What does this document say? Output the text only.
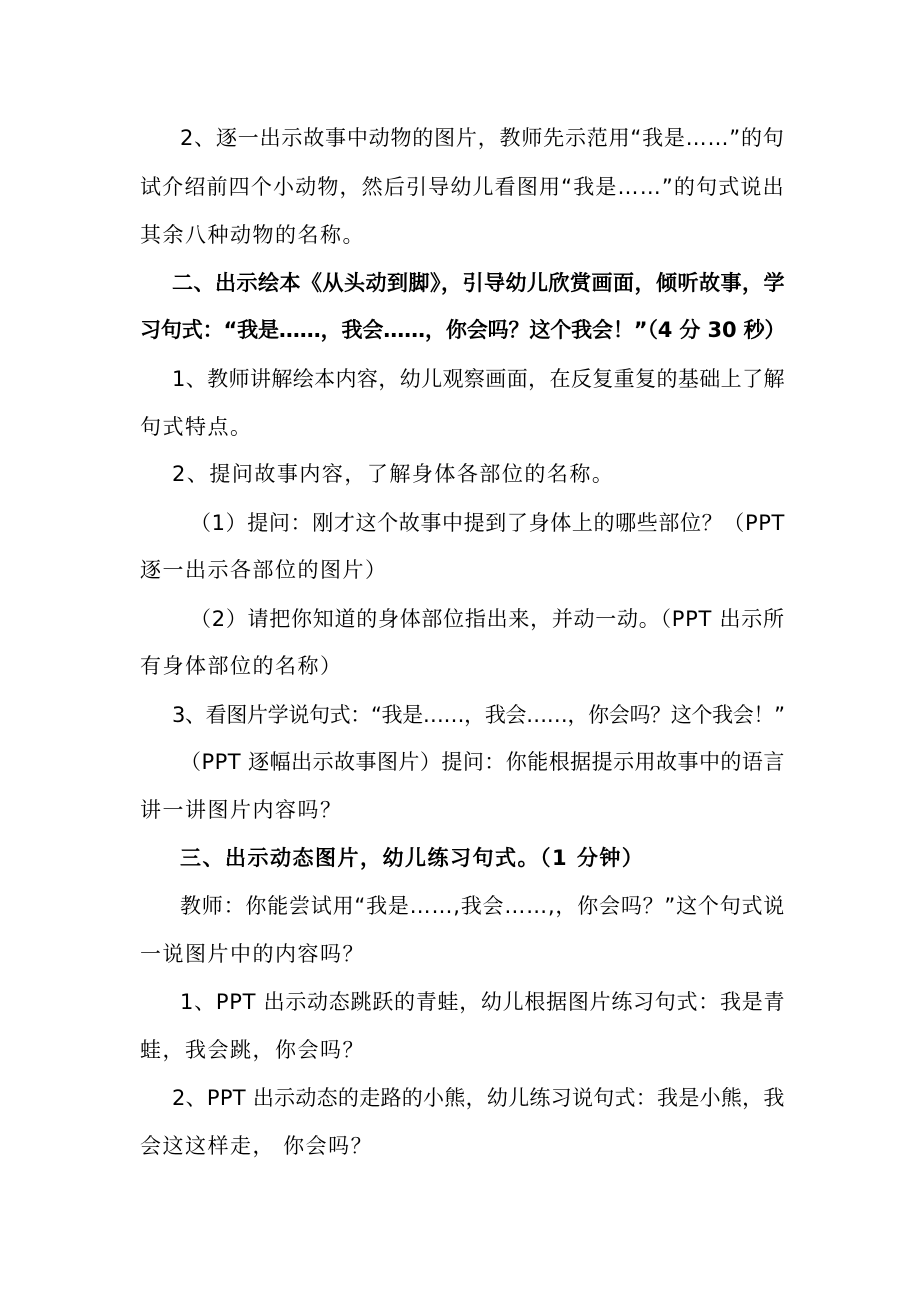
2、逐一出示故事中动物的图片，教师先示范用“我是……”的句

试介绍前四个小动物，然后引导幼儿看图用“我是……”的句式说出

其余八种动物的名称。

二、出示绘本《从头动到脚》，引导幼儿欣赏画面，倾听故事，学

习句式：“我是……，我会……，你会吗？这个我会！”（4 分 30 秒）

1、教师讲解绘本内容，幼儿观察画面，在反复重复的基础上了解

句式特点。

2、提问故事内容，了解身体各部位的名称。

（1）提问：刚才这个故事中提到了身体上的哪些部位？（PPT

逐一出示各部位的图片）

（2）请把你知道的身体部位指出来，并动一动。（PPT 出示所

有身体部位的名称）

3、看图片学说句式：“我是……，我会……，你会吗？这个我会！”

（PPT 逐幅出示故事图片）提问：你能根据提示用故事中的语言

讲一讲图片内容吗？

三、出示动态图片，幼儿练习句式。（1 分钟）

教师：你能尝试用“我是……,我会……,，你会吗？”这个句式说

一说图片中的内容吗？

1、PPT 出示动态跳跃的青蛙，幼儿根据图片练习句式：我是青

蛙，我会跳，你会吗？

2、PPT 出示动态的走路的小熊，幼儿练习说句式：我是小熊，我

会这这样走， 你会吗？
